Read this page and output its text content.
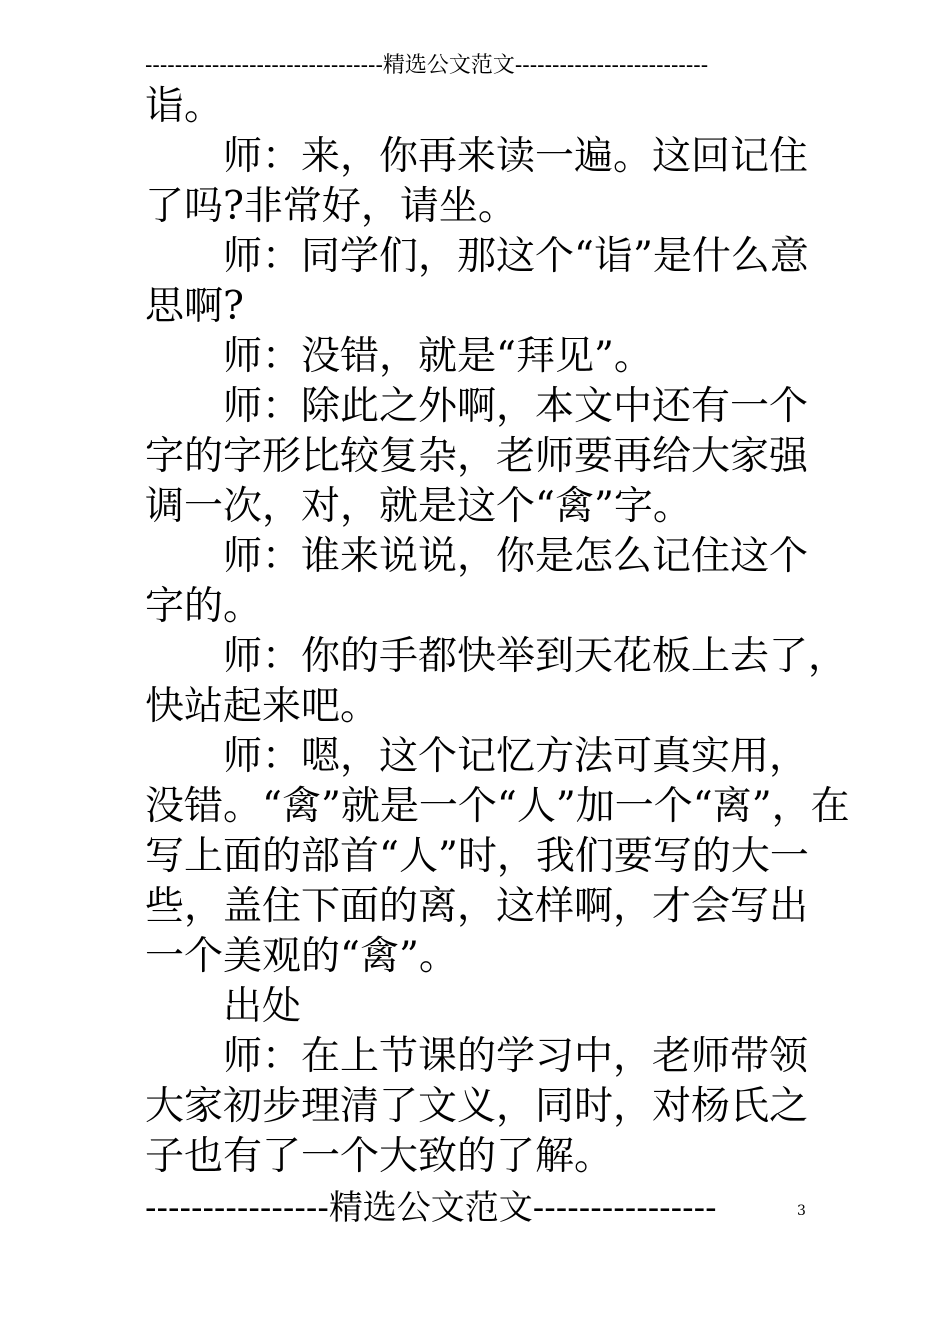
--------------------------------精选公文范文--------------------------
诣。
　　师：来，你再来读一遍。这回记住
了吗?非常好，请坐。
　　师：同学们，那这个“诣”是什么意
思啊?
　　师：没错，就是“拜见”。
　　师：除此之外啊，本文中还有一个
字的字形比较复杂，老师要再给大家强
调一次，对，就是这个“禽”字。
　　师：谁来说说，你是怎么记住这个
字的。
　　师：你的手都快举到天花板上去了，
快站起来吧。
　　师：嗯，这个记忆方法可真实用，
没错。“禽”就是一个“人”加一个“离”，在
写上面的部首“人”时，我们要写的大一
些，盖住下面的离，这样啊，才会写出
一个美观的“禽”。
　　出处
　　师：在上节课的学习中，老师带领
大家初步理清了文义，同时，对杨氏之
子也有了一个大致的了解。
----------------精选公文范文----------------	3
